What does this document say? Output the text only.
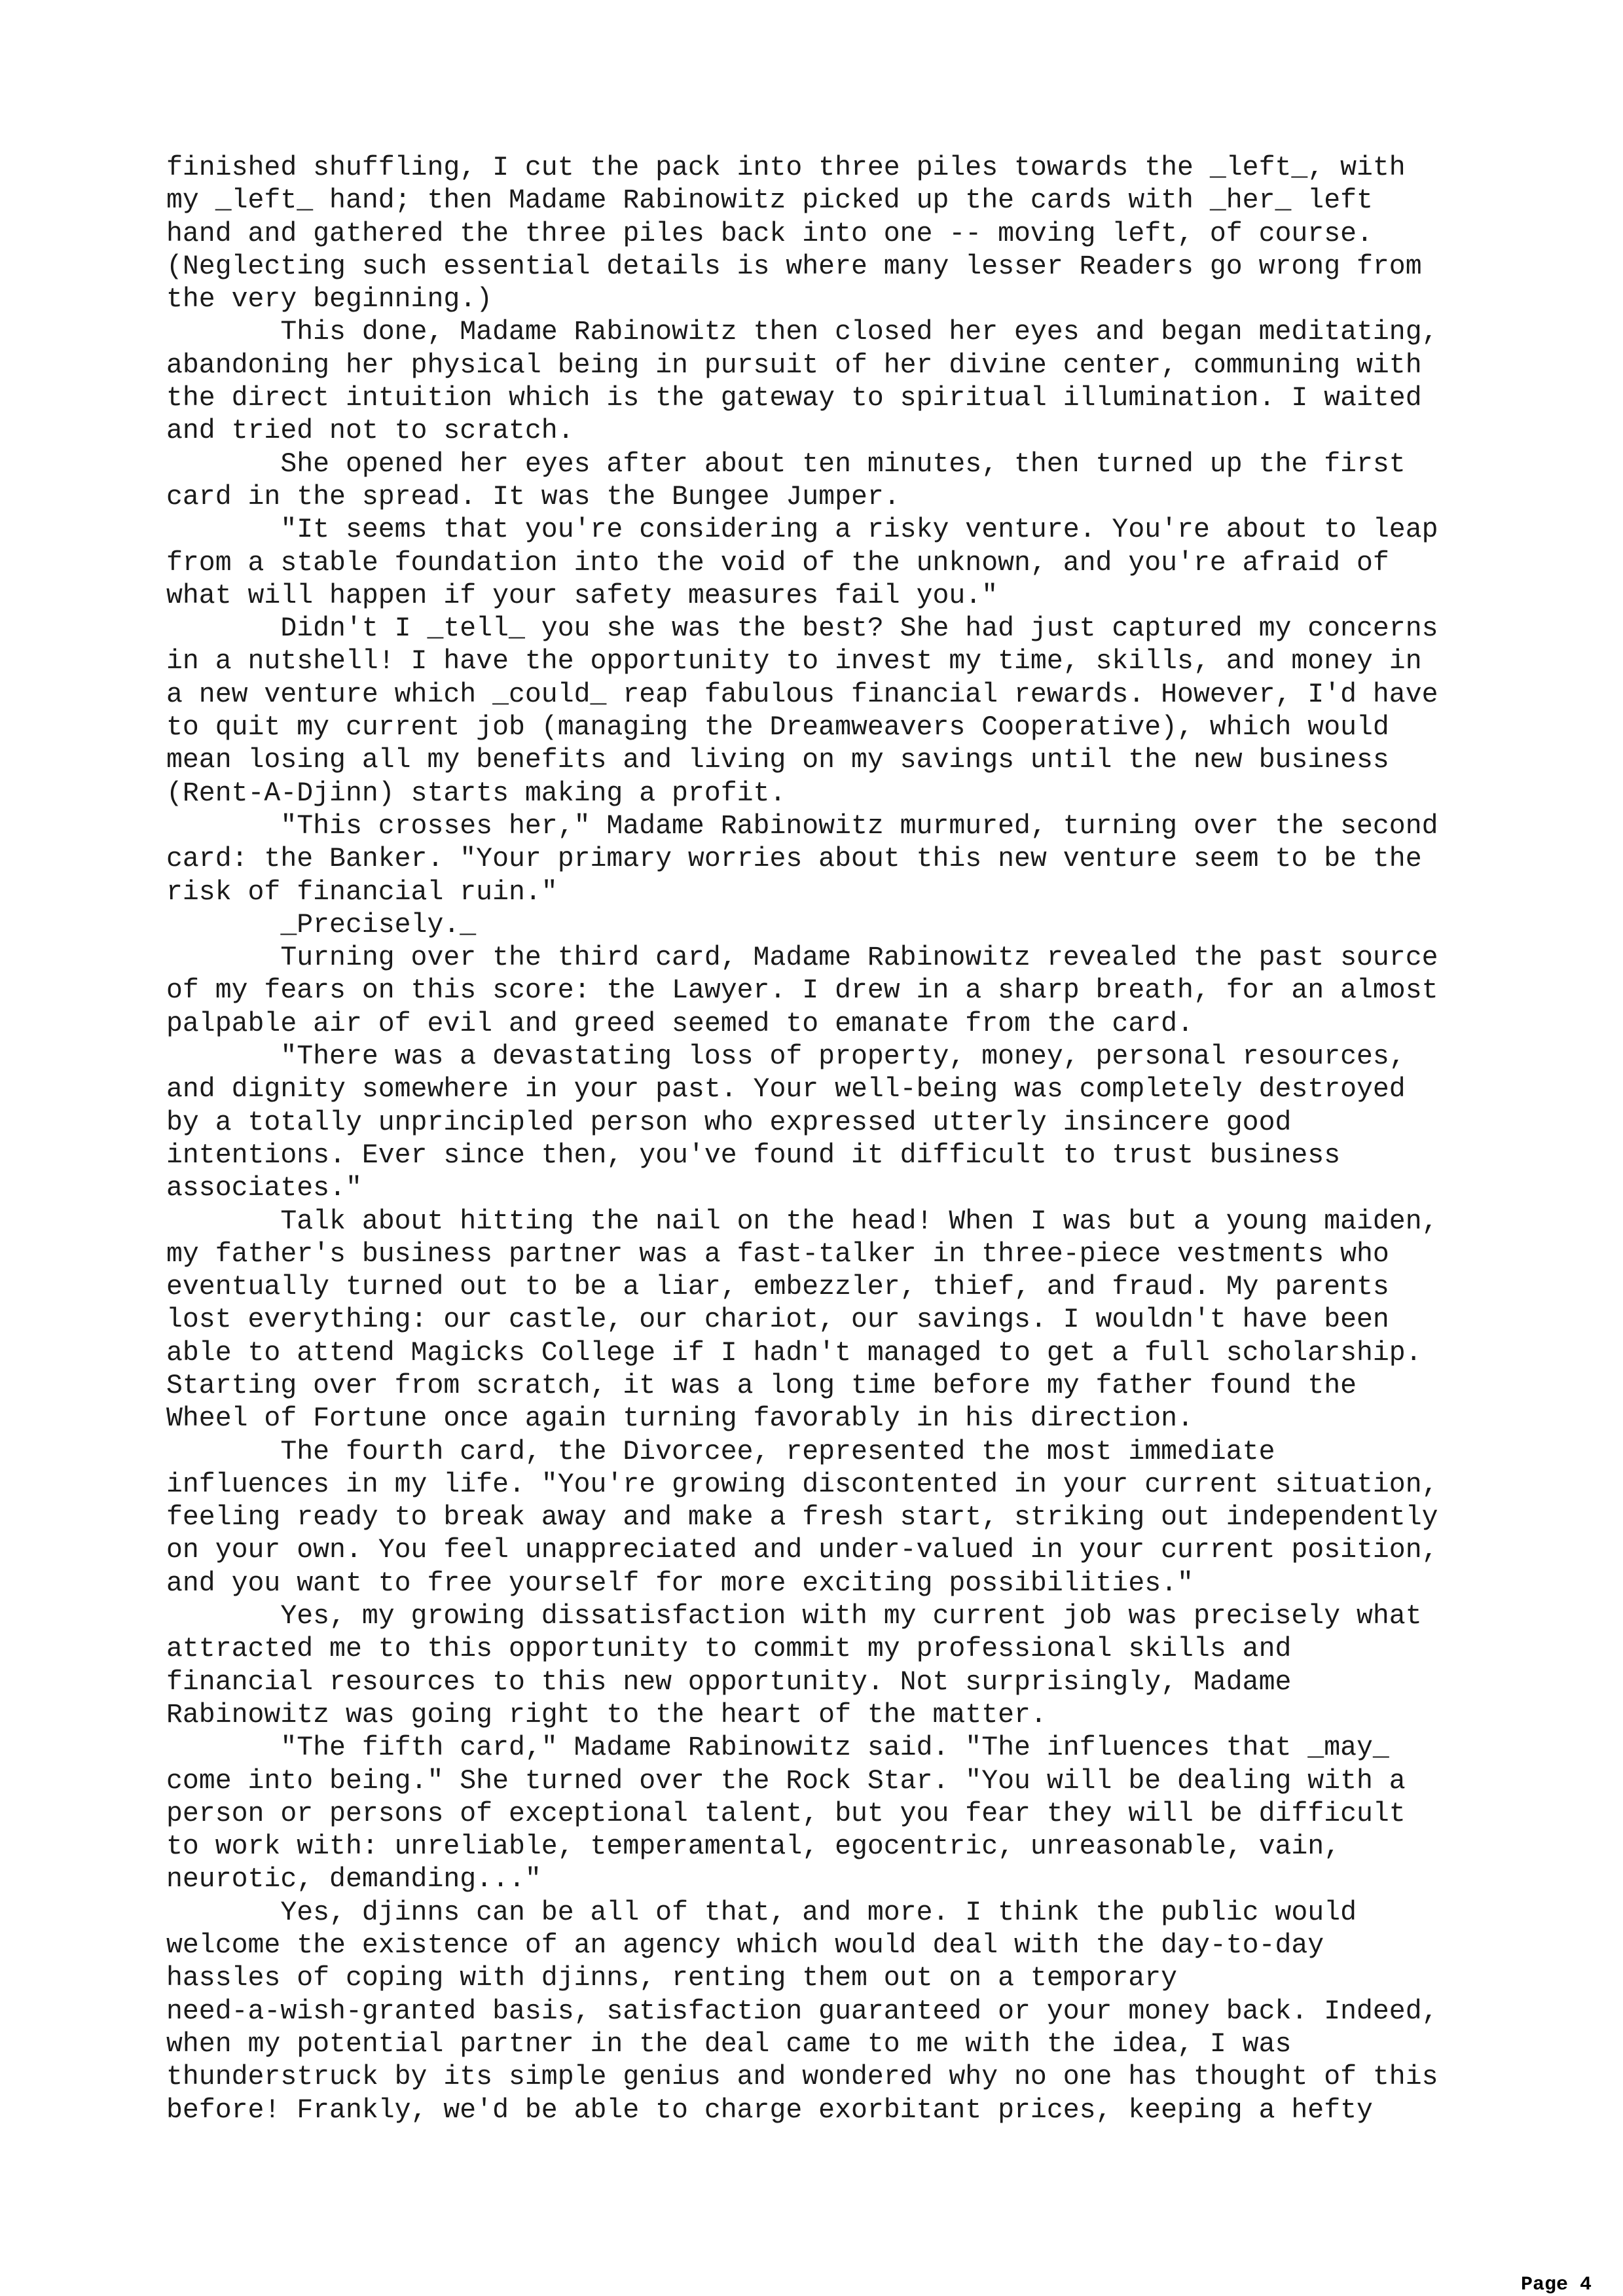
finished shuffling, I cut the pack into three piles towards the _left_, with
my _left_ hand; then Madame Rabinowitz picked up the cards with _her_ left
hand and gathered the three piles back into one -- moving left, of course.
(Neglecting such essential details is where many lesser Readers go wrong from
the very beginning.)
This done, Madame Rabinowitz then closed her eyes and began meditating,
abandoning her physical being in pursuit of her divine center, communing with
the direct intuition which is the gateway to spiritual illumination. I waited
and tried not to scratch.
She opened her eyes after about ten minutes, then turned up the first
card in the spread. It was the Bungee Jumper.
"It seems that you're considering a risky venture. You're about to leap
from a stable foundation into the void of the unknown, and you're afraid of
what will happen if your safety measures fail you."
Didn't I _tell_ you she was the best? She had just captured my concerns
in a nutshell! I have the opportunity to invest my time, skills, and money in
a new venture which _could_ reap fabulous financial rewards. However, I'd have
to quit my current job (managing the Dreamweavers Cooperative), which would
mean losing all my benefits and living on my savings until the new business
(Rent-A-Djinn) starts making a profit.
"This crosses her," Madame Rabinowitz murmured, turning over the second
card: the Banker. "Your primary worries about this new venture seem to be the
risk of financial ruin."
_Precisely._
Turning over the third card, Madame Rabinowitz revealed the past source
of my fears on this score: the Lawyer. I drew in a sharp breath, for an almost
palpable air of evil and greed seemed to emanate from the card.
"There was a devastating loss of property, money, personal resources,
and dignity somewhere in your past. Your well-being was completely destroyed
by a totally unprincipled person who expressed utterly insincere good
intentions. Ever since then, you've found it difficult to trust business
associates."
Talk about hitting the nail on the head! When I was but a young maiden,
my father's business partner was a fast-talker in three-piece vestments who
eventually turned out to be a liar, embezzler, thief, and fraud. My parents
lost everything: our castle, our chariot, our savings. I wouldn't have been
able to attend Magicks College if I hadn't managed to get a full scholarship.
Starting over from scratch, it was a long time before my father found the
Wheel of Fortune once again turning favorably in his direction.
The fourth card, the Divorcee, represented the most immediate
influences in my life. "You're growing discontented in your current situation,
feeling ready to break away and make a fresh start, striking out independently
on your own. You feel unappreciated and under-valued in your current position,
and you want to free yourself for more exciting possibilities."
Yes, my growing dissatisfaction with my current job was precisely what
attracted me to this opportunity to commit my professional skills and
financial resources to this new opportunity. Not surprisingly, Madame
Rabinowitz was going right to the heart of the matter.
"The fifth card," Madame Rabinowitz said. "The influences that _may_
come into being." She turned over the Rock Star. "You will be dealing with a
person or persons of exceptional talent, but you fear they will be difficult
to work with: unreliable, temperamental, egocentric, unreasonable, vain,
neurotic, demanding..."
Yes, djinns can be all of that, and more. I think the public would
welcome the existence of an agency which would deal with the day-to-day
hassles of coping with djinns, renting them out on a temporary
need-a-wish-granted basis, satisfaction guaranteed or your money back. Indeed,
when my potential partner in the deal came to me with the idea, I was
thunderstruck by its simple genius and wondered why no one has thought of this
before! Frankly, we'd be able to charge exorbitant prices, keeping a hefty
Page 4
